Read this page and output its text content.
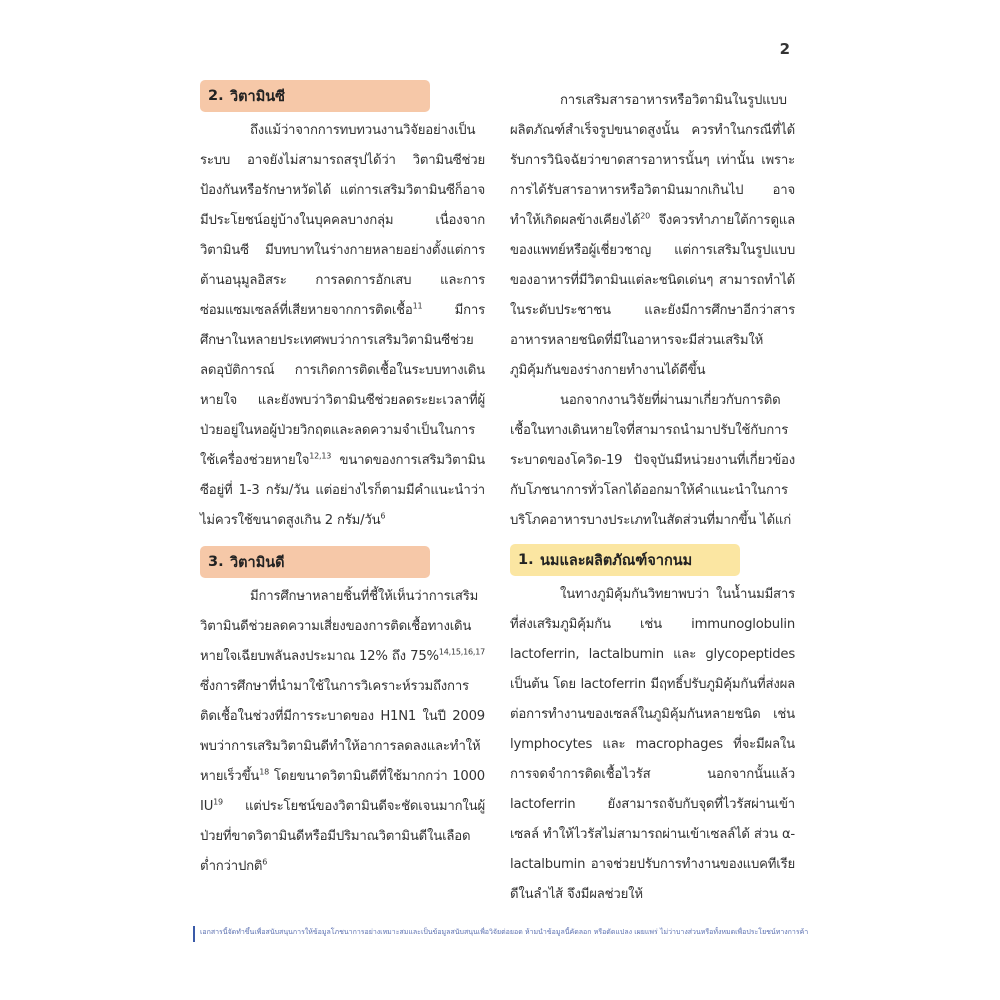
2
2. วิตามินซี

ถึงแม้ว่าจากการทบทวนงานวิจัยอย่างเป็นระบบ อาจยังไม่สามารถสรุปได้ว่า วิตามินซีช่วยป้องกันหรือรักษาหวัดได้ แต่การเสริมวิตามินซีก็อาจมีประโยชน์อยู่บ้างในบุคคลบางกลุ่ม เนื่องจากวิตามินซี มีบทบาทในร่างกายหลายอย่างตั้งแต่การต้านอนุมูลอิสระ การลดการอักเสบ และการซ่อมแซมเซลล์ที่เสียหายจากการติดเชื้อ$^{11}$ มีการศึกษาในหลายประเทศพบว่าการเสริมวิตามินซีช่วยลดอุบัติการณ์ การเกิดการติดเชื้อในระบบทางเดินหายใจ และยังพบว่าวิตามินซีช่วยลดระยะเวลาที่ผู้ป่วยอยู่ในหอผู้ป่วยวิกฤตและลดความจำเป็นในการใช้เครื่องช่วยหายใจ$^{12,13}$ ขนาดของการเสริมวิตามินซีอยู่ที่ 1-3 กรัม/วัน แต่อย่างไรก็ตามมีคำแนะนำว่าไม่ควรใช้ขนาดสูงเกิน 2 กรัม/วัน$^6$

3. วิตามินดี

มีการศึกษาหลายชิ้นที่ชี้ให้เห็นว่าการเสริมวิตามินดีช่วยลดความเสี่ยงของการติดเชื้อทางเดินหายใจเฉียบพลันลงประมาณ 12% ถึง 75%$^{14,15,16,17}$ ซึ่งการศึกษาที่นำมาใช้ในการวิเคราะห์รวมถึงการติดเชื้อในช่วงที่มีการระบาดของ H1N1 ในปี 2009 พบว่าการเสริมวิตามินดีทำให้อาการลดลงและทำให้หายเร็วขึ้น$^{18}$ โดยขนาดวิตามินดีที่ใช้มากกว่า 1000 IU$^{19}$ แต่ประโยชน์ของวิตามินดีจะชัดเจนมากในผู้ป่วยที่ขาดวิตามินดีหรือมีปริมาณวิตามินดีในเลือดต่ำกว่าปกติ$^6$

การเสริมสารอาหารหรือวิตามินในรูปแบบผลิตภัณฑ์สำเร็จรูปขนาดสูงนั้น ควรทำในกรณีที่ได้รับการวินิจฉัยว่าขาดสารอาหารนั้นๆ เท่านั้น เพราะการได้รับสารอาหารหรือวิตามินมากเกินไป อาจทำให้เกิดผลข้างเคียงได้$^{20}$ จึงควรทำภายใต้การดูแลของแพทย์หรือผู้เชี่ยวชาญ แต่การเสริมในรูปแบบของอาหารที่มีวิตามินแต่ละชนิดเด่นๆ สามารถทำได้ในระดับประชาชน และยังมีการศึกษาอีกว่าสารอาหารหลายชนิดที่มีในอาหารจะมีส่วนเสริมให้ภูมิคุ้มกันของร่างกายทำงานได้ดีขึ้น

นอกจากงานวิจัยที่ผ่านมาเกี่ยวกับการติดเชื้อในทางเดินหายใจที่สามารถนำมาปรับใช้กับการระบาดของโควิด-19 ปัจจุบันมีหน่วยงานที่เกี่ยวข้องกับโภชนาการทั่วโลกได้ออกมาให้คำแนะนำในการบริโภคอาหารบางประเภทในสัดส่วนที่มากขึ้น ได้แก่

1. นมและผลิตภัณฑ์จากนม

ในทางภูมิคุ้มกันวิทยาพบว่า ในน้ำนมมีสารที่ส่งเสริมภูมิคุ้มกัน เช่น immunoglobulin lactoferrin, lactalbumin และ glycopeptides เป็นต้น โดย lactoferrin มีฤทธิ์ปรับภูมิคุ้มกันที่ส่งผลต่อการทำงานของเซลล์ในภูมิคุ้มกันหลายชนิด เช่น lymphocytes และ macrophages ที่จะมีผลในการจดจำการติดเชื้อไวรัส นอกจากนั้นแล้ว lactoferrin ยังสามารถจับกับจุดที่ไวรัสผ่านเข้าเซลล์ ทำให้ไวรัสไม่สามารถผ่านเข้าเซลล์ได้ ส่วน α-lactalbumin อาจช่วยปรับการทำงานของแบคทีเรียดีในลำไส้ จึงมีผลช่วยให้

เอกสารนี้จัดทำขึ้นเพื่อสนับสนุนการให้ข้อมูลโภชนาการอย่างเหมาะสมและเป็นข้อมูลสนับสนุนเพื่อวิจัยต่อยอด ห้ามนำข้อมูลนี้คัดลอก หรือดัดแปลง เผยแพร่ ไม่ว่าบางส่วนหรือทั้งหมดเพื่อประโยชน์ทางการค้า
